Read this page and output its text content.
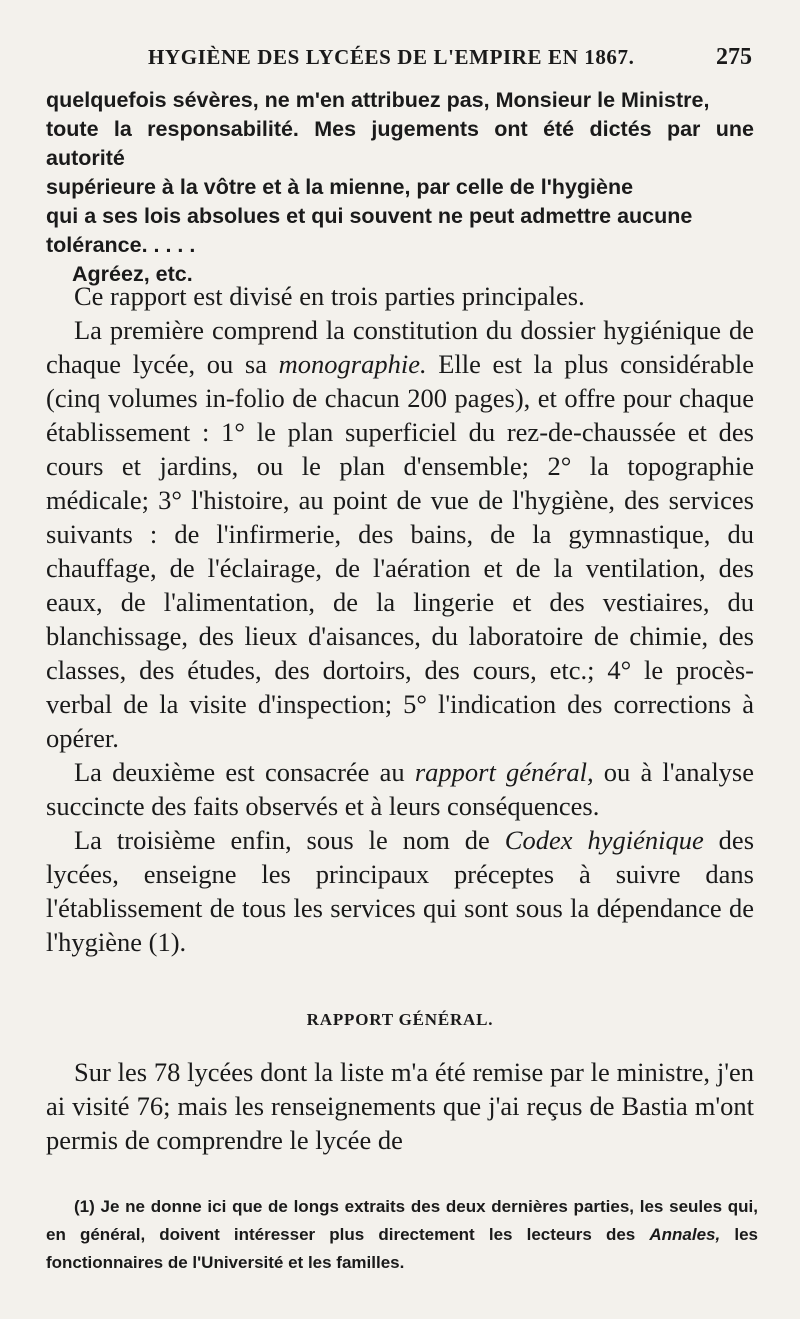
HYGIÈNE DES LYCÉES DE L'EMPIRE EN 1867.	275

quelquefois sévères, ne m'en attribuez pas, Monsieur le Ministre,

toute la responsabilité. Mes jugements ont été dictés par une autorité

supérieure à la vôtre et à la mienne, par celle de l'hygiène

qui a ses lois absolues et qui souvent ne peut admettre aucune

tolérance. . . . .

Agréez, etc.

Ce rapport est divisé en trois parties principales.

La première comprend la constitution du dossier hygiénique de chaque lycée, ou sa monographie. Elle est la plus considérable (cinq volumes in-folio de chacun 200 pages), et offre pour chaque établissement : 1° le plan superficiel du rez-de-chaussée et des cours et jardins, ou le plan d'ensemble; 2° la topographie médicale; 3° l'histoire, au point de vue de l'hygiène, des services suivants : de l'infirmerie, des bains, de la gymnastique, du chauffage, de l'éclairage, de l'aération et de la ventilation, des eaux, de l'alimentation, de la lingerie et des vestiaires, du blanchissage, des lieux d'aisances, du laboratoire de chimie, des classes, des études, des dortoirs, des cours, etc.; 4° le procès-verbal de la visite d'inspection; 5° l'indication des corrections à opérer.

La deuxième est consacrée au rapport général, ou à l'analyse succincte des faits observés et à leurs conséquences.

La troisième enfin, sous le nom de Codex hygiénique des lycées, enseigne les principaux préceptes à suivre dans l'établissement de tous les services qui sont sous la dépendance de l'hygiène (1).

RAPPORT GÉNÉRAL.

Sur les 78 lycées dont la liste m'a été remise par le ministre, j'en ai visité 76; mais les renseignements que j'ai reçus de Bastia m'ont permis de comprendre le lycée de

(1) Je ne donne ici que de longs extraits des deux dernières parties, les seules qui, en général, doivent intéresser plus directement les lecteurs des Annales, les fonctionnaires de l'Université et les familles.
